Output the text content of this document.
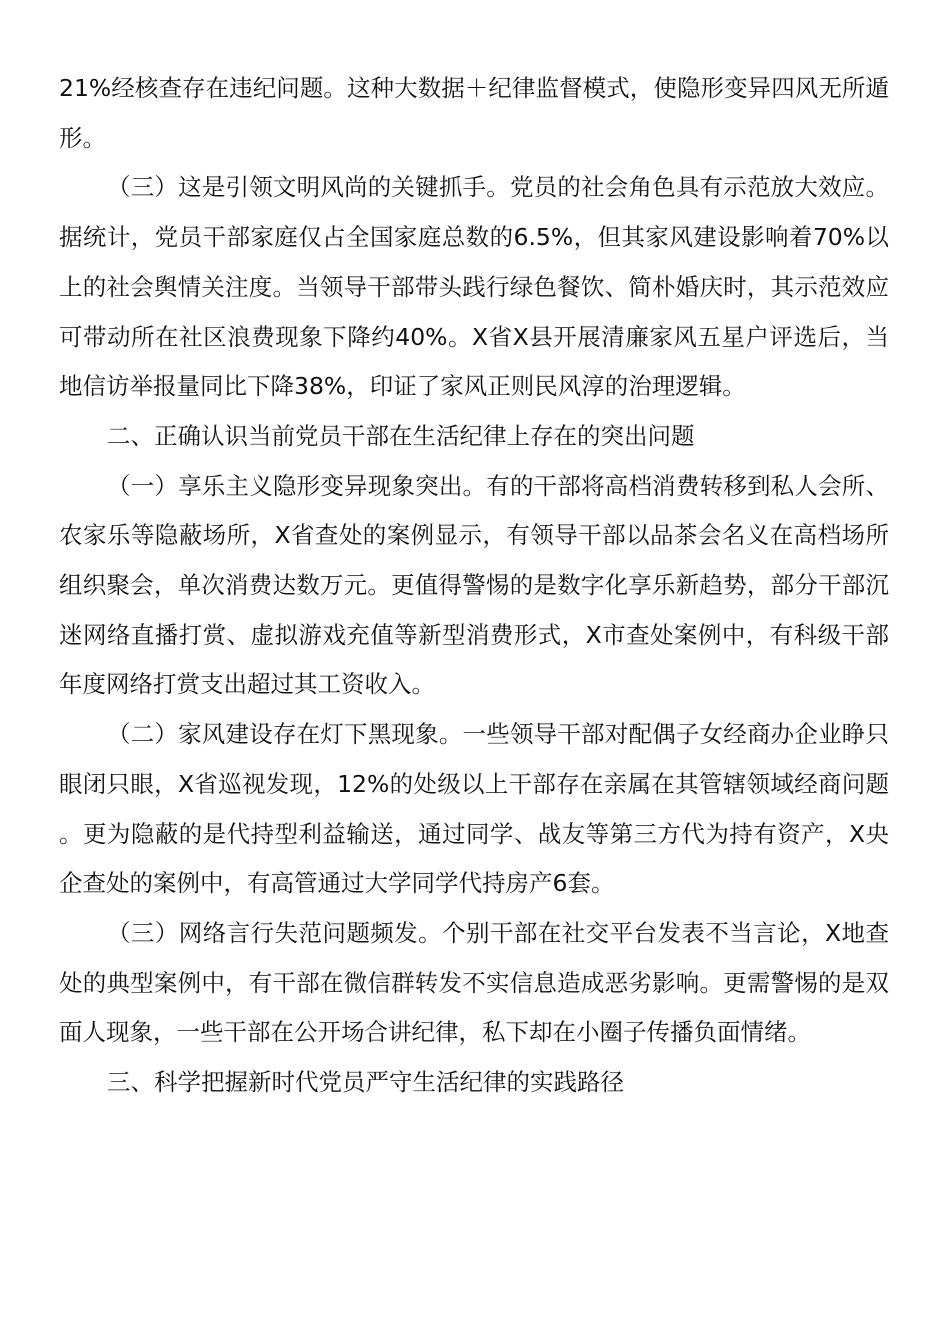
21%经核查存在违纪问题。这种大数据＋纪律监督模式，使隐形变异四风无所遁形。

（三）这是引领文明风尚的关键抓手。党员的社会角色具有示范放大效应。据统计，党员干部家庭仅占全国家庭总数的6.5%，但其家风建设影响着70%以上的社会舆情关注度。当领导干部带头践行绿色餐饮、简朴婚庆时，其示范效应可带动所在社区浪费现象下降约40%。X省X县开展清廉家风五星户评选后，当地信访举报量同比下降38%，印证了家风正则民风淳的治理逻辑。

二、正确认识当前党员干部在生活纪律上存在的突出问题

（一）享乐主义隐形变异现象突出。有的干部将高档消费转移到私人会所、农家乐等隐蔽场所，X省查处的案例显示，有领导干部以品茶会名义在高档场所组织聚会，单次消费达数万元。更值得警惕的是数字化享乐新趋势，部分干部沉迷网络直播打赏、虚拟游戏充值等新型消费形式，X市查处案例中，有科级干部年度网络打赏支出超过其工资收入。

（二）家风建设存在灯下黑现象。一些领导干部对配偶子女经商办企业睁只眼闭只眼，X省巡视发现，12%的处级以上干部存在亲属在其管辖领域经商问题。更为隐蔽的是代持型利益输送，通过同学、战友等第三方代为持有资产，X央企查处的案例中，有高管通过大学同学代持房产6套。

（三）网络言行失范问题频发。个别干部在社交平台发表不当言论，X地查处的典型案例中，有干部在微信群转发不实信息造成恶劣影响。更需警惕的是双面人现象，一些干部在公开场合讲纪律，私下却在小圈子传播负面情绪。

三、科学把握新时代党员严守生活纪律的实践路径
